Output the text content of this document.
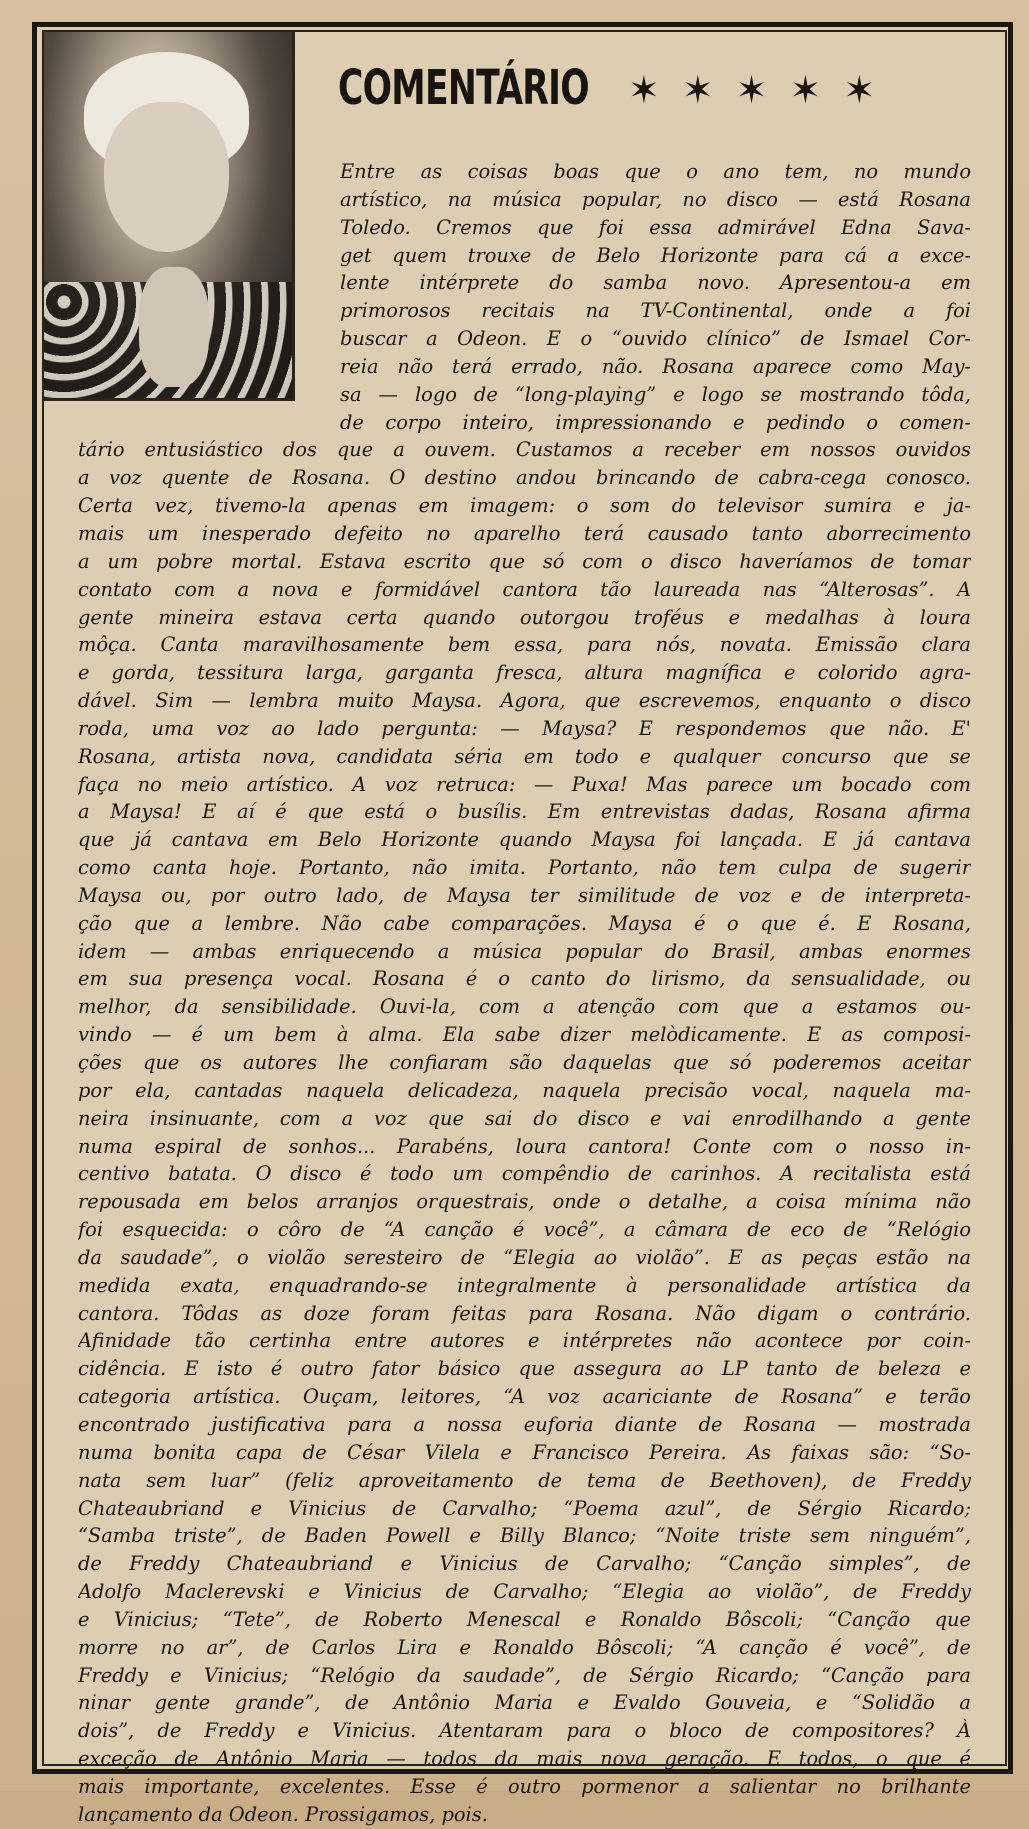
COMENTÁRIO ✶✶✶✶✶
Entre as coisas boas que o ano tem, no mundo
artístico, na música popular, no disco — está Rosana
Toledo. Cremos que foi essa admirável Edna Sava-
get quem trouxe de Belo Horizonte para cá a exce-
lente intérprete do samba novo. Apresentou-a em
primorosos recitais na TV-Continental, onde a foi
buscar a Odeon. E o “ouvido clínico” de Ismael Cor-
reia não terá errado, não. Rosana aparece como May-
sa — logo de “long-playing” e logo se mostrando tôda,
de corpo inteiro, impressionando e pedindo o comen-
tário entusiástico dos que a ouvem. Custamos a receber em nossos ouvidos
a voz quente de Rosana. O destino andou brincando de cabra-cega conosco.
Certa vez, tivemo-la apenas em imagem: o som do televisor sumira e ja-
mais um inesperado defeito no aparelho terá causado tanto aborrecimento
a um pobre mortal. Estava escrito que só com o disco haveríamos de tomar
contato com a nova e formidável cantora tão laureada nas “Alterosas”. A
gente mineira estava certa quando outorgou troféus e medalhas à loura
môça. Canta maravilhosamente bem essa, para nós, novata. Emissão clara
e gorda, tessitura larga, garganta fresca, altura magnífica e colorido agra-
dável. Sim — lembra muito Maysa. Agora, que escrevemos, enquanto o disco
roda, uma voz ao lado pergunta: — Maysa? E respondemos que não. E'
Rosana, artista nova, candidata séria em todo e qualquer concurso que se
faça no meio artístico. A voz retruca: — Puxa! Mas parece um bocado com
a Maysa! E aí é que está o busílis. Em entrevistas dadas, Rosana afirma
que já cantava em Belo Horizonte quando Maysa foi lançada. E já cantava
como canta hoje. Portanto, não imita. Portanto, não tem culpa de sugerir
Maysa ou, por outro lado, de Maysa ter similitude de voz e de interpreta-
ção que a lembre. Não cabe comparações. Maysa é o que é. E Rosana,
idem — ambas enriquecendo a música popular do Brasil, ambas enormes
em sua presença vocal. Rosana é o canto do lirismo, da sensualidade, ou
melhor, da sensibilidade. Ouvi-la, com a atenção com que a estamos ou-
vindo — é um bem à alma. Ela sabe dizer melòdicamente. E as composi-
ções que os autores lhe confiaram são daquelas que só poderemos aceitar
por ela, cantadas naquela delicadeza, naquela precisão vocal, naquela ma-
neira insinuante, com a voz que sai do disco e vai enrodilhando a gente
numa espiral de sonhos... Parabéns, loura cantora! Conte com o nosso in-
centivo batata. O disco é todo um compêndio de carinhos. A recitalista está
repousada em belos arranjos orquestrais, onde o detalhe, a coisa mínima não
foi esquecida: o côro de “A canção é você”, a câmara de eco de “Relógio
da saudade”, o violão seresteiro de “Elegia ao violão”. E as peças estão na
medida exata, enquadrando-se integralmente à personalidade artística da
cantora. Tôdas as doze foram feitas para Rosana. Não digam o contrário.
Afinidade tão certinha entre autores e intérpretes não acontece por coin-
cidência. E isto é outro fator básico que assegura ao LP tanto de beleza e
categoria artística. Ouçam, leitores, “A voz acariciante de Rosana” e terão
encontrado justificativa para a nossa euforia diante de Rosana — mostrada
numa bonita capa de César Vilela e Francisco Pereira. As faixas são: “So-
nata sem luar” (feliz aproveitamento de tema de Beethoven), de Freddy
Chateaubriand e Vinicius de Carvalho; “Poema azul”, de Sérgio Ricardo;
“Samba triste”, de Baden Powell e Billy Blanco; “Noite triste sem ninguém”,
de Freddy Chateaubriand e Vinicius de Carvalho; “Canção simples”, de
Adolfo Maclerevski e Vinicius de Carvalho; “Elegia ao violão”, de Freddy
e Vinicius; “Tete”, de Roberto Menescal e Ronaldo Bôscoli; “Canção que
morre no ar”, de Carlos Lira e Ronaldo Bôscoli; “A canção é você”, de
Freddy e Vinicius; “Relógio da saudade”, de Sérgio Ricardo; “Canção para
ninar gente grande”, de Antônio Maria e Evaldo Gouveia, e “Solidão a
dois”, de Freddy e Vinicius. Atentaram para o bloco de compositores? À
exceção de Antônio Maria — todos da mais nova geração. E todos, o que é
mais importante, excelentes. Esse é outro pormenor a salientar no brilhante
lançamento da Odeon. Prossigamos, pois.
